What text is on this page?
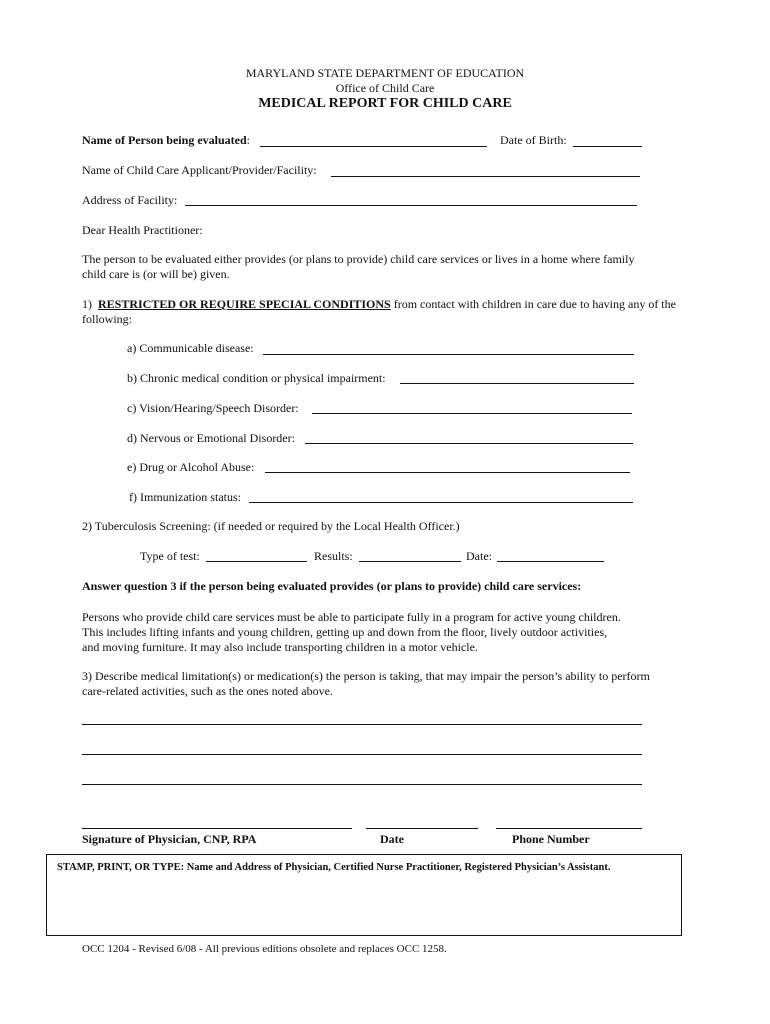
MARYLAND STATE DEPARTMENT OF EDUCATION
Office of Child Care
MEDICAL REPORT FOR CHILD CARE
Name of Person being evaluated:	Date of Birth:
Name of Child Care Applicant/Provider/Facility:
Address of Facility:
Dear Health Practitioner:
The person to be evaluated either provides (or plans to provide) child care services or lives in a home where family child care is (or will be) given.
1) RESTRICTED OR REQUIRE SPECIAL CONDITIONS from contact with children in care due to having any of the following:
a) Communicable disease:
b) Chronic medical condition or physical impairment:
c) Vision/Hearing/Speech Disorder:
d) Nervous or Emotional Disorder:
e) Drug or Alcohol Abuse:
f) Immunization status:
2) Tuberculosis Screening: (if needed or required by the Local Health Officer.)
Type of test:	Results:	Date:
Answer question 3 if the person being evaluated provides (or plans to provide) child care services:
Persons who provide child care services must be able to participate fully in a program for active young children.
This includes lifting infants and young children, getting up and down from the floor, lively outdoor activities,
and moving furniture. It may also include transporting children in a motor vehicle.
3) Describe medical limitation(s) or medication(s) the person is taking, that may impair the person’s ability to perform
care-related activities, such as the ones noted above.
Signature of Physician, CNP, RPA	Date	Phone Number
STAMP, PRINT, OR TYPE: Name and Address of Physician, Certified Nurse Practitioner, Registered Physician’s Assistant.
OCC 1204 - Revised 6/08 - All previous editions obsolete and replaces OCC 1258.
